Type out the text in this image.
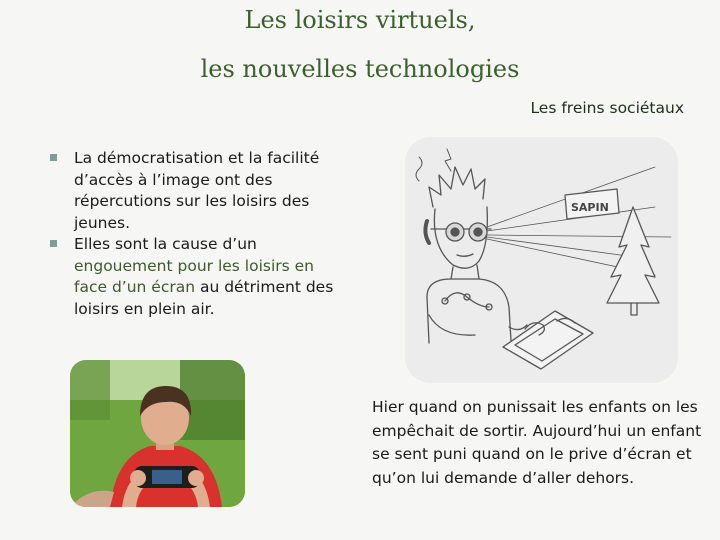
Les loisirs virtuels,
les nouvelles technologies
Les freins sociétaux
La démocratisation et la facilité d’accès à l’image ont des répercutions sur les loisirs des jeunes.
Elles sont la cause d’un engouement pour les loisirs en face d’un écran au détriment des loisirs en plein air.
SAPIN

Hier quand on punissait les enfants on les empêchait de sortir. Aujourd’hui un enfant se sent puni quand on le prive d’écran et qu’on lui demande d’aller dehors.
